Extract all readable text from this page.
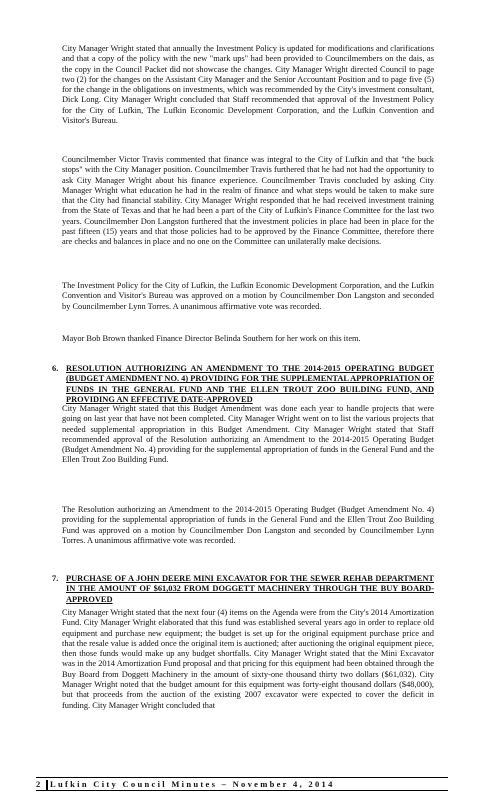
City Manager Wright stated that annually the Investment Policy is updated for modifications and clarifications and that a copy of the policy with the new "mark ups" had been provided to Councilmembers on the dais, as the copy in the Council Packet did not showcase the changes. City Manager Wright directed Council to page two (2) for the changes on the Assistant City Manager and the Senior Accountant Position and to page five (5) for the change in the obligations on investments, which was recommended by the City's investment consultant, Dick Long. City Manager Wright concluded that Staff recommended that approval of the Investment Policy for the City of Lufkin, The Lufkin Economic Development Corporation, and the Lufkin Convention and Visitor's Bureau.

Councilmember Victor Travis commented that finance was integral to the City of Lufkin and that "the buck stops" with the City Manager position. Councilmember Travis furthered that he had not had the opportunity to ask City Manager Wright about his finance experience. Councilmember Travis concluded by asking City Manager Wright what education he had in the realm of finance and what steps would be taken to make sure that the City had financial stability. City Manager Wright responded that he had received investment training from the State of Texas and that he had been a part of the City of Lufkin's Finance Committee for the last two years. Councilmember Don Langston furthered that the investment policies in place had been in place for the past fifteen (15) years and that those policies had to be approved by the Finance Committee, therefore there are checks and balances in place and no one on the Committee can unilaterally make decisions.

The Investment Policy for the City of Lufkin, the Lufkin Economic Development Corporation, and the Lufkin Convention and Visitor's Bureau was approved on a motion by Councilmember Don Langston and seconded by Councilmember Lynn Torres. A unanimous affirmative vote was recorded.

Mayor Bob Brown thanked Finance Director Belinda Southern for her work on this item.

6. RESOLUTION AUTHORIZING AN AMENDMENT TO THE 2014-2015 OPERATING BUDGET (BUDGET AMENDMENT NO. 4) PROVIDING FOR THE SUPPLEMENTAL APPROPRIATION OF FUNDS IN THE GENERAL FUND AND THE ELLEN TROUT ZOO BUILDING FUND, AND PROVIDING AN EFFECTIVE DATE-APPROVED

City Manager Wright stated that this Budget Amendment was done each year to handle projects that were going on last year that have not been completed. City Manager Wright went on to list the various projects that needed supplemental appropriation in this Budget Amendment. City Manager Wright stated that Staff recommended approval of the Resolution authorizing an Amendment to the 2014-2015 Operating Budget (Budget Amendment No. 4) providing for the supplemental appropriation of funds in the General Fund and the Ellen Trout Zoo Building Fund.

The Resolution authorizing an Amendment to the 2014-2015 Operating Budget (Budget Amendment No. 4) providing for the supplemental appropriation of funds in the General Fund and the Ellen Trout Zoo Building Fund was approved on a motion by Councilmember Don Langston and seconded by Councilmember Lynn Torres. A unanimous affirmative vote was recorded.

7. PURCHASE OF A JOHN DEERE MINI EXCAVATOR FOR THE SEWER REHAB DEPARTMENT IN THE AMOUNT OF $61,032 FROM DOGGETT MACHINERY THROUGH THE BUY BOARD-APPROVED

City Manager Wright stated that the next four (4) items on the Agenda were from the City's 2014 Amortization Fund. City Manager Wright elaborated that this fund was established several years ago in order to replace old equipment and purchase new equipment; the budget is set up for the original equipment purchase price and that the resale value is added once the original item is auctioned; after auctioning the original equipment piece, then those funds would make up any budget shortfalls. City Manager Wright stated that the Mini Excavator was in the 2014 Amortization Fund proposal and that pricing for this equipment had been obtained through the Buy Board from Doggett Machinery in the amount of sixty-one thousand thirty two dollars ($61,032). City Manager Wright noted that the budget amount for this equipment was forty-eight thousand dollars ($48,000), but that proceeds from the auction of the existing 2007 excavator were expected to cover the deficit in funding. City Manager Wright concluded that

2 Lufkin City Council Minutes – November 4, 2014
